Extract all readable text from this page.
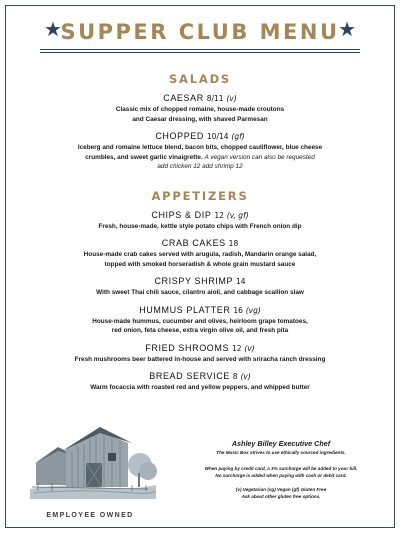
★
SUPPER CLUB MENU
★
SALADS
CAESAR 8/11 (v)
Classic mix of chopped romaine, house-made croutons
and Caesar dressing, with shaved Parmesan
CHOPPED 10/14 (gf)
Iceberg and romaine lettuce blend, bacon bits, chopped cauliflower, blue cheese
crumbles, and sweet garlic vinaigrette. A vegan version can also be requested
add chicken 12 add shrimp 12
APPETIZERS
CHIPS & DIP 12 (v, gf)
Fresh, house-made, kettle style potato chips with French onion dip
CRAB CAKES 18
House-made crab cakes served with arugula, radish, Mandarin orange salad,
topped with smoked horseradish & whole grain mustard sauce
CRISPY SHRIMP 14
With sweet Thai chili sauce, cilantro aioli, and cabbage scallion slaw
HUMMUS PLATTER 16 (vg)
House-made hummus, cucumber and olives, heirloom grape tomatoes,
red onion, feta cheese, extra virgin olive oil, and fresh pita
FRIED SHROOMS 12 (v)
Fresh mushrooms beer battered in-house and served with sriracha ranch dressing
BREAD SERVICE 8 (v)
Warm focaccia with roasted red and yellow peppers, and whipped butter
EMPLOYEE OWNED
Ashley Billey Executive Chef
The Music Box strives to use ethically sourced ingredients.
When paying by credit card, a 3% surcharge will be added to your bill.
No surcharge is added when paying with cash or debit card.
(v) Vegetarian (vg) Vegan (gf) Gluten Free
Ask about other gluten free options.
